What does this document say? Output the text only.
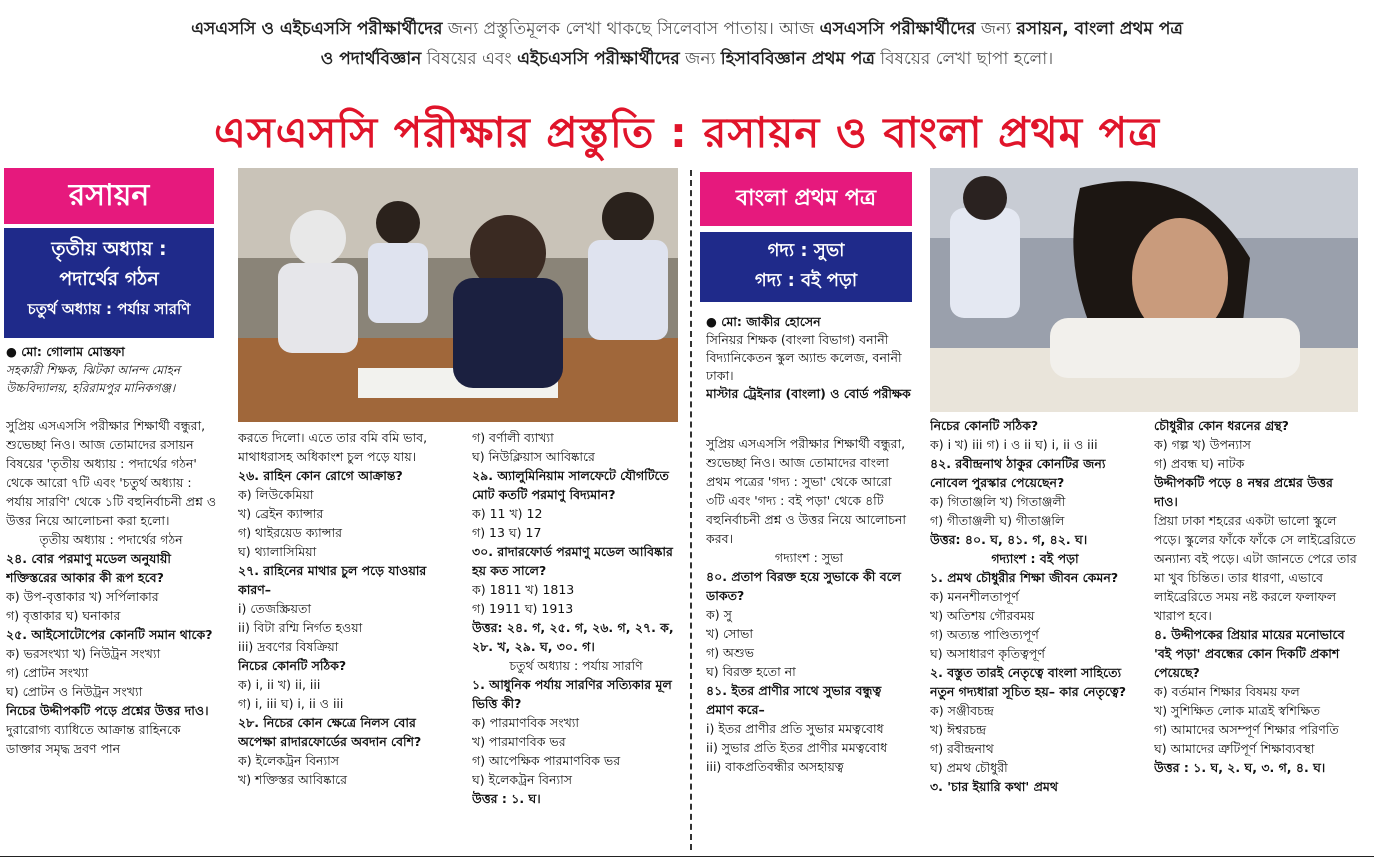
এসএসসি ও এইচএসসি পরীক্ষার্থীদের জন্য প্রস্তুতিমূলক লেখা থাকছে সিলেবাস পাতায়। আজ এসএসসি পরীক্ষার্থীদের জন্য রসায়ন, বাংলা প্রথম পত্র
ও পদার্থবিজ্ঞান বিষয়ের এবং এইচএসসি পরীক্ষার্থীদের জন্য হিসাববিজ্ঞান প্রথম পত্র বিষয়ের লেখা ছাপা হলো।
এসএসসি পরীক্ষার প্রস্তুতি : রসায়ন ও বাংলা প্রথম পত্র
রসায়ন
তৃতীয় অধ্যায় :
পদার্থের গঠন
চতুর্থ অধ্যায় : পর্যায় সারণি
● মো: গোলাম মোস্তফা
সহকারী শিক্ষক, ঝিটকা আনন্দ মোহন উচ্চবিদ্যালয়, হরিরামপুর মানিকগঞ্জ।

সুপ্রিয় এসএসসি পরীক্ষার শিক্ষার্থী বন্ধুরা, শুভেচ্ছা নিও। আজ তোমাদের রসায়ন বিষয়ের 'তৃতীয় অধ্যায় : পদার্থের গঠন' থেকে আরো ৭টি এবং 'চতুর্থ অধ্যায় : পর্যায় সারণি' থেকে ১টি বহুনির্বাচনী প্রশ্ন ও উত্তর নিয়ে আলোচনা করা হলো।

তৃতীয় অধ্যায় : পদার্থের গঠন

২৪. বোর পরমাণু মডেল অনুযায়ী শক্তিস্তরের আকার কী রূপ হবে?

ক) উপ-বৃত্তাকার খ) সর্পিলাকার

গ) বৃত্তাকার ঘ) ঘনাকার

২৫. আইসোটোপের কোনটি সমান থাকে?

ক) ভরসংখ্যা খ) নিউট্রন সংখ্যা

গ) প্রোটন সংখ্যা

ঘ) প্রোটন ও নিউট্রন সংখ্যা

নিচের উদ্দীপকটি পড়ে প্রশ্নের উত্তর দাও।

দুরারোগ্য ব্যাধিতে আক্রান্ত রাহিনকে ডাক্তার সমৃদ্ধ দ্রবণ পান

করতে দিলো। এতে তার বমি বমি ভাব, মাথাধরাসহ অধিকাংশ চুল পড়ে যায়।

২৬. রাহিন কোন রোগে আক্রান্ত?

ক) লিউকেমিয়া

খ) ব্রেইন ক্যান্সার

গ) থাইরয়েড ক্যান্সার

ঘ) থ্যালাসিমিয়া

২৭. রাহিনের মাথার চুল পড়ে যাওয়ার কারণ–

i) তেজস্ক্রিয়তা

ii) বিটা রশ্মি নির্গত হওয়া

iii) দ্রবণের বিষক্রিয়া

নিচের কোনটি সঠিক?

ক) i, ii খ) ii, iii

গ) i, iii ঘ) i, ii ও iii

২৮. নিচের কোন ক্ষেত্রে নিলস বোর অপেক্ষা রাদারফোর্ডের অবদান বেশি?

ক) ইলেকট্রন বিন্যাস

খ) শক্তিস্তর আবিষ্কারে

গ) বর্ণালী ব্যাখ্যা

ঘ) নিউক্লিয়াস আবিষ্কারে

২৯. অ্যালুমিনিয়াম সালফেটে যৌগটিতে মোট কতটি পরমাণু বিদ্যমান?

ক) 11 খ) 12

গ) 13 ঘ) 17

৩০. রাদারফোর্ড পরমাণু মডেল আবিষ্কার হয় কত সালে?

ক) 1811 খ) 1813

গ) 1911 ঘ) 1913

উত্তর: ২৪. গ, ২৫. গ, ২৬. গ, ২৭. ক, ২৮. খ, ২৯. ঘ, ৩০. গ।

চতুর্থ অধ্যায় : পর্যায় সারণি

১. আধুনিক পর্যায় সারণির সত্যিকার মূল ভিত্তি কী?

ক) পারমাণবিক সংখ্যা

খ) পারমাণবিক ভর

গ) আপেক্ষিক পারমাণবিক ভর

ঘ) ইলেকট্রন বিন্যাস

উত্তর : ১. ঘ।

বাংলা প্রথম পত্র
গদ্য : সুভা
গদ্য : বই পড়া
● মো: জাকীর হোসেন
সিনিয়র শিক্ষক (বাংলা বিভাগ) বনানী বিদ্যানিকেতন স্কুল অ্যান্ড কলেজ, বনানী ঢাকা।
মাস্টার ট্রেইনার (বাংলা) ও বোর্ড পরীক্ষক

সুপ্রিয় এসএসসি পরীক্ষার শিক্ষার্থী বন্ধুরা, শুভেচ্ছা নিও। আজ তোমাদের বাংলা প্রথম পত্রের 'গদ্য : সুভা' থেকে আরো ৩টি এবং 'গদ্য : বই পড়া' থেকে ৪টি বহুনির্বাচনী প্রশ্ন ও উত্তর নিয়ে আলোচনা করব।

গদ্যাংশ : সুভা

৪০. প্রতাপ বিরক্ত হয়ে সুভাকে কী বলে ডাকত?

ক) সু

খ) সোভা

গ) অশুভ

ঘ) বিরক্ত হতো না

৪১. ইতর প্রাণীর সাথে সুভার বন্ধুত্ব প্রমাণ করে–

i) ইতর প্রাণীর প্রতি সুভার মমত্ববোধ

ii) সুভার প্রতি ইতর প্রাণীর মমত্ববোধ

iii) বাকপ্রতিবন্ধীর অসহায়ত্ব

নিচের কোনটি সঠিক?

ক) i খ) iii গ) i ও ii ঘ) i, ii ও iii

৪২. রবীন্দ্রনাথ ঠাকুর কোনটির জন্য নোবেল পুরস্কার পেয়েছেন?

ক) গিতাঞ্জলি খ) গিতাঞ্জলী

গ) গীতাঞ্জলী ঘ) গীতাঞ্জলি

উত্তর: ৪০. ঘ, ৪১. গ, ৪২. ঘ।

গদ্যাংশ : বই পড়া

১. প্রমথ চৌধুরীর শিক্ষা জীবন কেমন?

ক) মননশীলতাপূর্ণ

খ) অতিশয় গৌরবময়

গ) অত্যন্ত পাণ্ডিত্যপূর্ণ

ঘ) অসাধারণ কৃতিত্বপূর্ণ

২. বস্তুত তারই নেতৃত্বে বাংলা সাহিত্যে নতুন গদ্যধারা সূচিত হয়– কার নেতৃত্বে?

ক) সঞ্জীবচন্দ্র

খ) ঈশ্বরচন্দ্র

গ) রবীন্দ্রনাথ

ঘ) প্রমথ চৌধুরী

৩. 'চার ইয়ারি কথা' প্রমথ

চৌধুরীর কোন ধরনের গ্রন্থ?

ক) গল্প খ) উপন্যাস

গ) প্রবন্ধ ঘ) নাটক

উদ্দীপকটি পড়ে ৪ নম্বর প্রশ্নের উত্তর দাও।

প্রিয়া ঢাকা শহরের একটা ভালো স্কুলে পড়ে। স্কুলের ফাঁকে ফাঁকে সে লাইব্রেরিতে অন্যান্য বই পড়ে। এটা জানতে পেরে তার মা খুব চিন্তিত। তার ধারণা, এভাবে লাইব্রেরিতে সময় নষ্ট করলে ফলাফল খারাপ হবে।

৪. উদ্দীপকের প্রিয়ার মায়ের মনোভাবে 'বই পড়া' প্রবন্ধের কোন দিকটি প্রকাশ পেয়েছে?

ক) বর্তমান শিক্ষার বিষময় ফল

খ) সুশিক্ষিত লোক মাত্রই স্বশিক্ষিত

গ) আমাদের অসম্পূর্ণ শিক্ষার পরিণতি

ঘ) আমাদের ত্রুটিপূর্ণ শিক্ষাব্যবস্থা

উত্তর : ১. ঘ, ২. ঘ, ৩. গ, ৪. ঘ।
